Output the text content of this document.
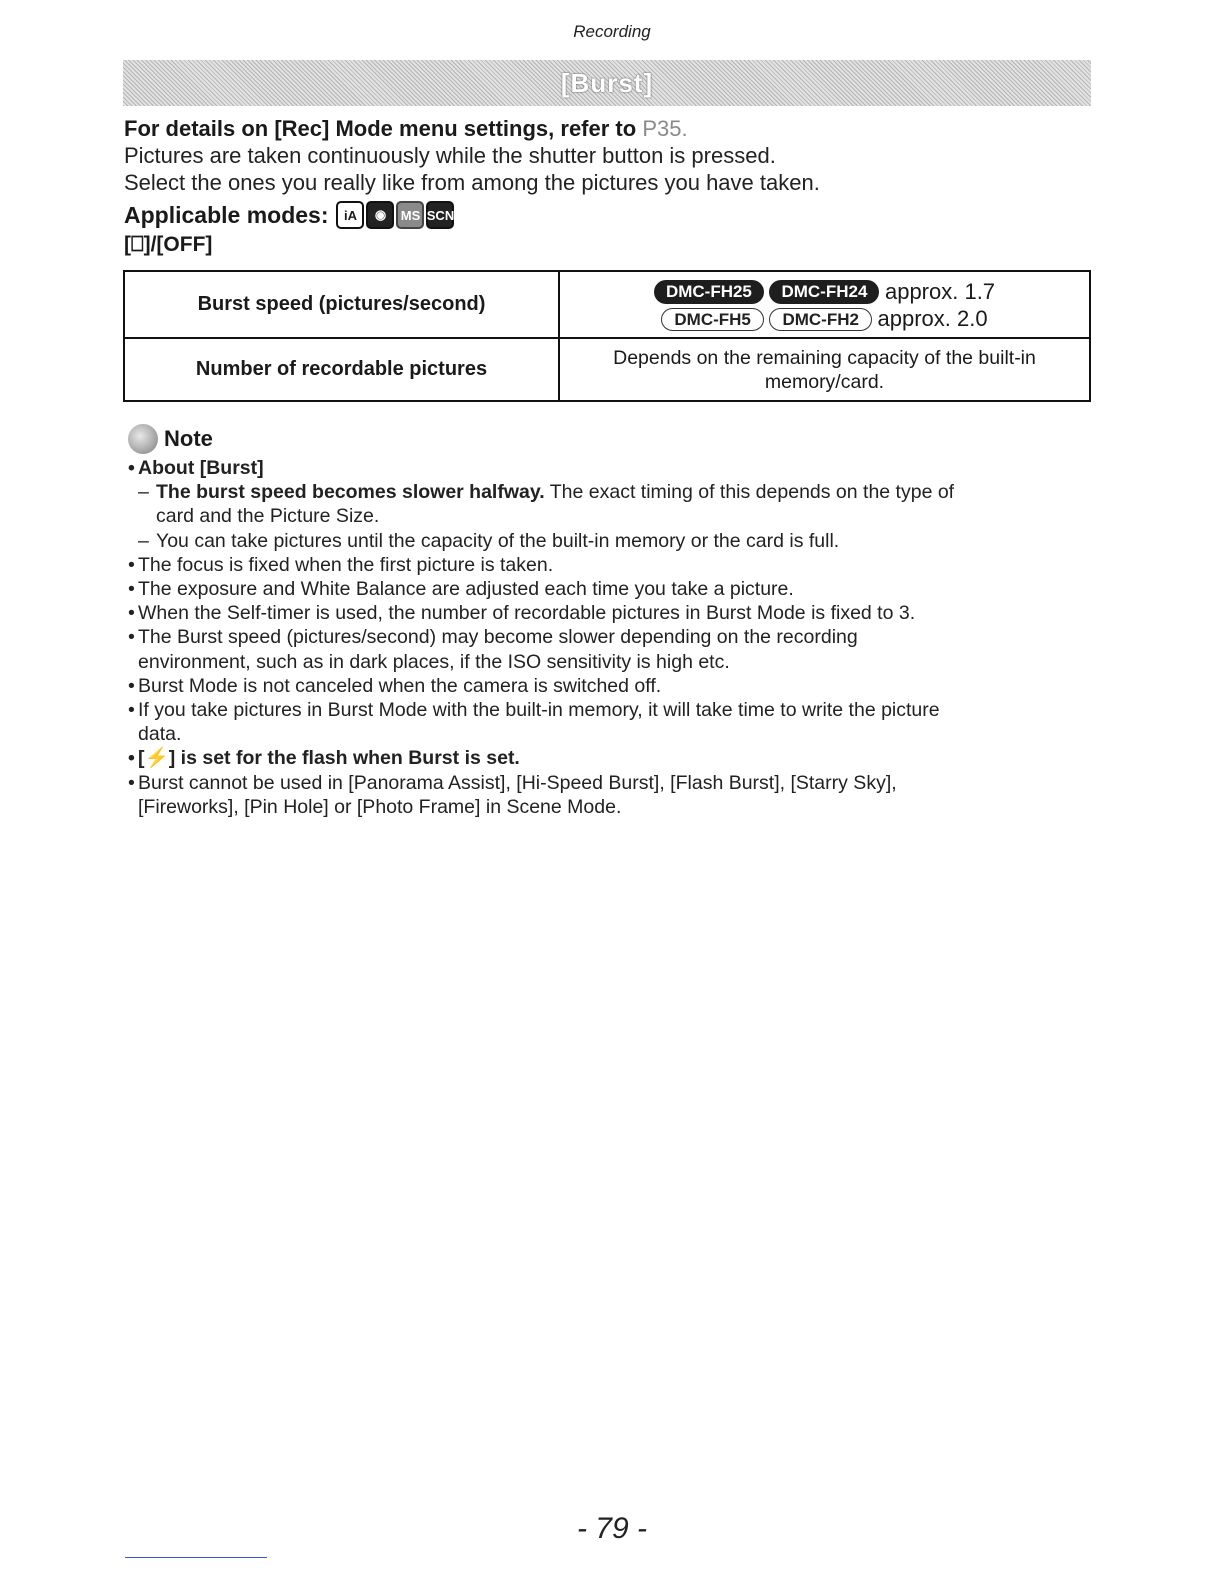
Recording
[Burst]
For details on [Rec] Mode menu settings, refer to P35.
Pictures are taken continuously while the shutter button is pressed.
Select the ones you really like from among the pictures you have taken.
Applicable modes:	iA	◉	MS SCN
[⎕]/[OFF]
Burst speed (pictures/second)	DMC-FH25 DMC-FH24 approx. 1.7
DMC-FH5 DMC-FH2 approx. 2.0

Number of recordable pictures	Depends on the remaining capacity of the built-in
memory/card.
Note
• About [Burst]
– The burst speed becomes slower halfway. The exact timing of this depends on the type of
card and the Picture Size.
– You can take pictures until the capacity of the built-in memory or the card is full.
• The focus is fixed when the first picture is taken.
• The exposure and White Balance are adjusted each time you take a picture.
• When the Self-timer is used, the number of recordable pictures in Burst Mode is fixed to 3.
• The Burst speed (pictures/second) may become slower depending on the recording
environment, such as in dark places, if the ISO sensitivity is high etc.
• Burst Mode is not canceled when the camera is switched off.
• If you take pictures in Burst Mode with the built-in memory, it will take time to write the picture
data.
• [⚡] is set for the flash when Burst is set.
• Burst cannot be used in [Panorama Assist], [Hi-Speed Burst], [Flash Burst], [Starry Sky],
[Fireworks], [Pin Hole] or [Photo Frame] in Scene Mode.
- 79 -
